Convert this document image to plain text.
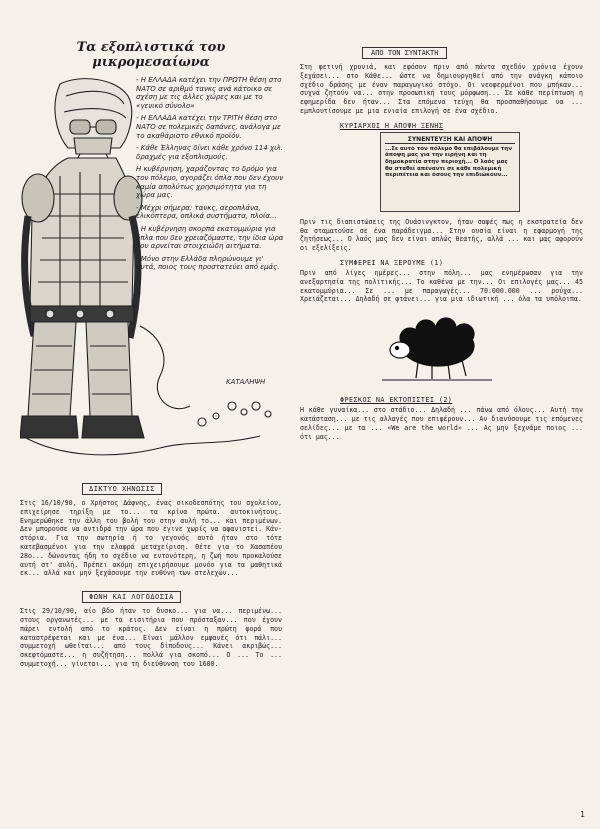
Τα εξοπλιστικά του μικρομεσαίωνα

- Η ΕΛΛΑΔΑ κατέχει την ΠΡΩΤΗ θέση στο ΝΑΤΟ σε αριθμό τανκς ανά κάτοικο σε σχέση με τις άλλες χώρες και με το «γενικό σύνολο»

- Η ΕΛΛΑΔΑ κατέχει την ΤΡΙΤΗ θέση στο ΝΑΤΟ σε πολεμικές δαπάνες, ανάλογα με το ακαθάριστο εθνικό προϊόν.

- Κάθε Έλληνας δίνει κάθε χρόνο 114 χιλ. δραχμές για εξοπλισμούς.

Η κυβέρνηση, χαράζοντας το δρόμο για τον πόλεμο, αγοράζει όπλα που δεν έχουν καμία απολύτως χρησιμότητα για τη χώρα μας.

- Μέχρι σήμερα: τανκς, αεροπλάνα, ελικόπτερα, οπλικά συστήματα, πλοία...

- Η κυβέρνηση σκορπά εκατομμύρια για όπλα που δεν χρειαζόμαστε, την ίδια ώρα που αρνείται στοιχειώδη αιτήματα.

- Μόνο στην Ελλάδα πληρώνουμε γι' αυτά, ποιος τους προστατεύει από εμάς.

ΚΑΤΑΛΗΨΗ
ΔΙΚΤΥΟ ΧΗΝΩΣΙΣ

Στις 16/10/90, ο Χρήστος Δάφνης, ένας οικοδεσπότης του σχολείου, επιχείρησε τηρίξη με το... τα κρίνα πρώτα. αυτοκινήτους. Ενημερώθηκε την άλλη του βολή του στην αυλή το... και περιμένων. Δεν μπορούσε να αντιδρά την ώρα που έγινε χωρίς να αφανιστεί. Κάν-στόρια. Για την σωτηρία ή το γεγονός αυτό ήταν στο τότε κατεβασμένοι για την ελαφρά μεταχείριση. Θέτε για το Χασαπέου 28ο... δώνοντας ήδη το σχέδιο να εντονότερη, η ζωή που προκαλούσε αυτή στ' αυλή. Πρέπει ακόμη επιχειρήσουμε μονόο για τα μαθητικά εκ... αλλά και μην ξεχάσουμε την ευθύνη των στελεχών...

ΦΩΝΗ ΚΑΙ ΛΟΓΟΔΟΣΙΑ

Στις 29/10/90, αίο βδο ήταν το δυσκο... για να... περιμένω... στους οργανωτές... με τα εισιτήρια που πρόσταξαν... που έχουν πάρει εντολή από το κράτος. Δεν είναι η πρώτη φορά που καταστρέφεται και με ένα... Είναι μάλλον εμφανές ότι πάλι... συμμετοχή ωθείται... από τους δίποδους... Κάνει ακριβώς... σκεφτόμαστε... η συζήτηση... πολλά για σκοπό... Ο ... Το ... συμμετοχή... γίνεται... για τη διεύθυνση του 1600.

ΑΠΟ ΤΟΝ ΣΥΝΤΑΚΤΗ

Στη φετινή χρονιά, και εφόσον πριν από πάντα σχεδόν χρόνια έχουν ξεχάσει... στο Κάθε... ώστε να δημιουργηθεί από την ανάγκη κάποιο σχέδιο δράσης με έναν παραγωγικό στόχο. Οι νεοφερμένοι που μπήκαν... συχνά ζητούν να... στην προσωπική τους μόρφωση... Σε κάθε περίπτωση η εφημερίδα δεν ήταν... Στα επόμενα τεύχη θα προσπαθήσουμε να ... εμπλουτίσουμε με μια ενιαία επιλογή σε ένα σχέδιο.

ΚΥΡΙΑΡΧΟΙ Η ΑΠΟΨΗ ΞΕΝΗΣ
ΣΥΝΕΝΤΕΥΞΗ ΚΑΙ ΑΠΟΨΗ
...Σε αυτό τον πόλεμο θα επιβάλουμε την άποψη μας για την ειρήνη και τη δημοκρατία στην περιοχή... Ο λαός μας θα σταθεί απέναντι σε κάθε πολεμική περιπέτεια και όσους την επιδιώκουν...

Πριν τις διαπιστώσεις της Ουάσινγκτον, ήταν σαφές πως η εκστρατεία δεν θα σταματούσε σε ένα παράδειγμα... Στην ουσία είναι η εφαρμογή της ζητήσεως... Ο λαός μας δεν είναι απλώς θεατής, αλλά ... και μας αφορούν οι εξελίξεις.

ΣΥΜΦΕΡΕΙ ΝΑ ΞΕΡΟΥΜΕ (1)

Πριν από λίγες ημέρες... στην πόλη... μας ενημέρωσαν για την ανεξαρτησία της πολιτικής... Το καθένα με την... Οι επιλογές μας... 45 εκατομμύρια... Σε ... με παραγωγές... 70.000.000 ... ρούχα... Χρειάζεται... Δηλαδή σε φτάνει... για μια ιδιωτική ... όλα τα υπόλοιπα.

ΦΡΕΣΚΟΣ ΝΑ ΕΚΤΟΠΙΣΤΕΙ (2)

Η κάθε γυναίκα... στο στάδιο... Δηλαδή ... πάνω από όλους... Αυτή την κατάσταση... με τις αλλαγές που επιφέρουν... Αν διανύσουμε τις επόμενες σελίδες... με τα ... «We are the world» ... Ας μην ξεχνάμε ποιος ... ότι μας...

1
